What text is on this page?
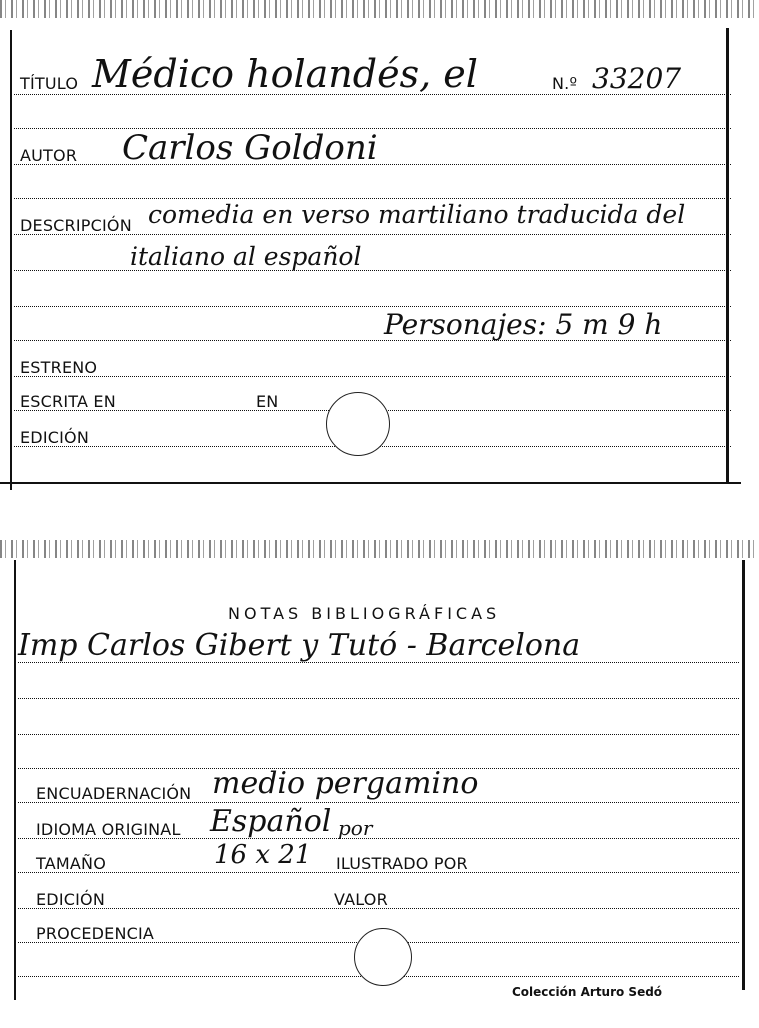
TÍTULO Médico holandés, el	N.º 33207
AUTOR Carlos Goldoni
DESCRIPCIÓN comedia en verso martiliano traducida del
italiano al español
Personajes: 5 m 9 h
ESTRENO
ESCRITA EN	EN
EDICIÓN
NOTAS BIBLIOGRÁFICAS
Imp Carlos Gibert y Tutó - Barcelona
ENCUADERNACIÓN medio pergamino
IDIOMA ORIGINAL Español por
TAMAÑO	16 x 21 ILUSTRADO POR
EDICIÓN	VALOR
PROCEDENCIA
Colección Arturo Sedó
